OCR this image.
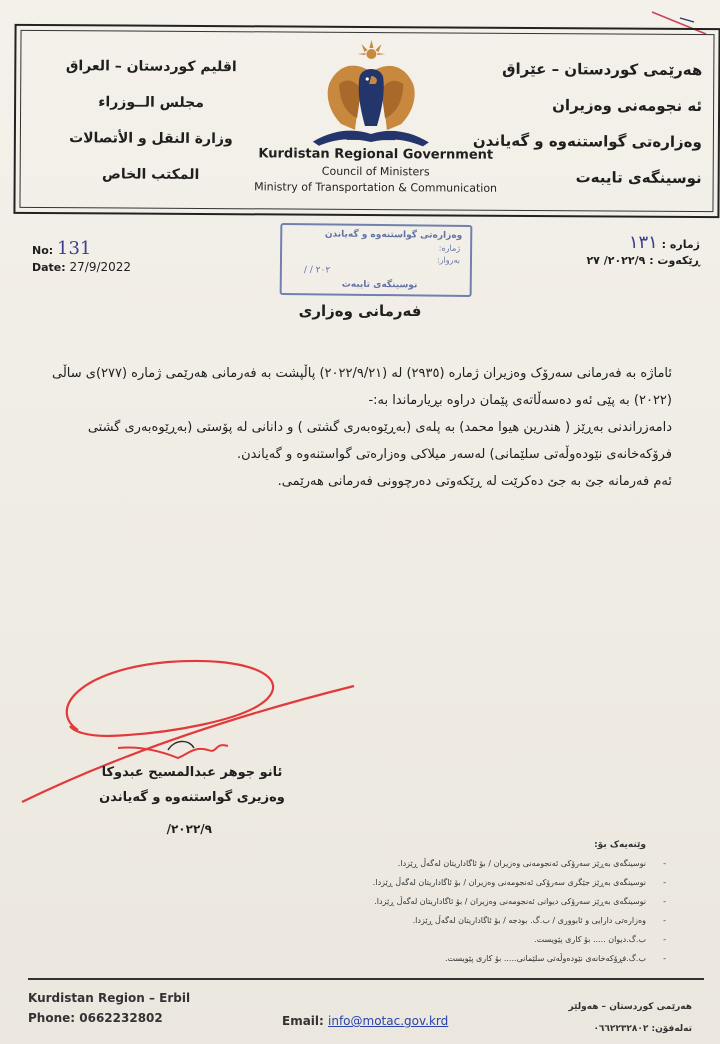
هەرێمی کوردستان – عێراق
ئه نجومەنی وەزیران
وەزارەتی گواستنەوە و گەیاندن
نوسینگەی تایبەت
اقليم كوردستان – العراق
مجلس الــوزراء
وزارة النقل و الأتصالات
المكتب الخاص
Kurdistan Regional Government
Council of Ministers
Ministry of Transportation & Communication
No: 131
Date: 27/9/2022
ژمارە : ١٣١
ڕێکەوت : ٢٠٢٢/٩/ ٢٧
وەزارەتی گواستنەوە و گەیاندن
ژمارە:
بەروار:
/ / ٢٠٢
نوسینگەی تایبەت
فەرمانی وەزاری

ئاماژە بە فەرمانی سەرۆک وەزیران ژمارە (٢٩٣٥) لە (٢٠٢٢/٩/٢١) پاڵپشت بە فەرمانی هەرێمی ژمارە (٢٧٧)ی ساڵی (٢٠٢٢) بە پێی ئەو دەسەڵاتەی پێمان دراوە بڕیارماندا بە:-

دامەزراندنی بەڕێز ( هندرین هیوا محمد) بە پلەی (بەڕێوەبەری گشتی ) و دانانی لە پۆستی (بەڕێوەبەری گشتی فرۆکەخانەی نێودەوڵەتی سلێمانی) لەسەر میلاکی وەزارەتی گواستنەوە و گەیاندن.

ئەم فەرمانە جێ بە جێ دەکرێت لە ڕێکەوتی دەرچوونی فەرمانی هەرێمی.

ئانو جوهر عبدالمسيح عبدوكا
وەزیری گواستنەوە و گەیاندن
٢٠٢٢/٩/
وێنەیەک بۆ:
- نوسینگەی بەڕێز سەرۆکی ئەنجومەنی وەزیران / بۆ ئاگاداریتان لەگەڵ ڕێزدا.
- نوسینگەی بەڕێز جێگری سەرۆکی ئەنجومەنی وەزیران / بۆ ئاگاداریتان لەگەڵ ڕێزدا.
- نوسینگەی بەڕێز سەرۆکی دیوانی ئەنجومەنی وەزیران / بۆ ئاگاداریتان لەگەڵ ڕێزدا.
- وەزارەتی دارایی و ئابووری / ب.گ. بودجە / بۆ ئاگاداریتان لەگەڵ ڕێزدا.
- ب.گ.دیوان ..... بۆ کاری پێویست.
- ب.گ.فڕۆکەخانەی نێودەوڵەتی سلێمانی..... بۆ کاری پێویست.
Kurdistan Region – Erbil
Phone: 0662232802	Email: info@motac.gov.krd
هەرێمی کوردستان – هەولێر
تەلەفۆن: ٠٦٦٢٢٣٢٨٠٢
